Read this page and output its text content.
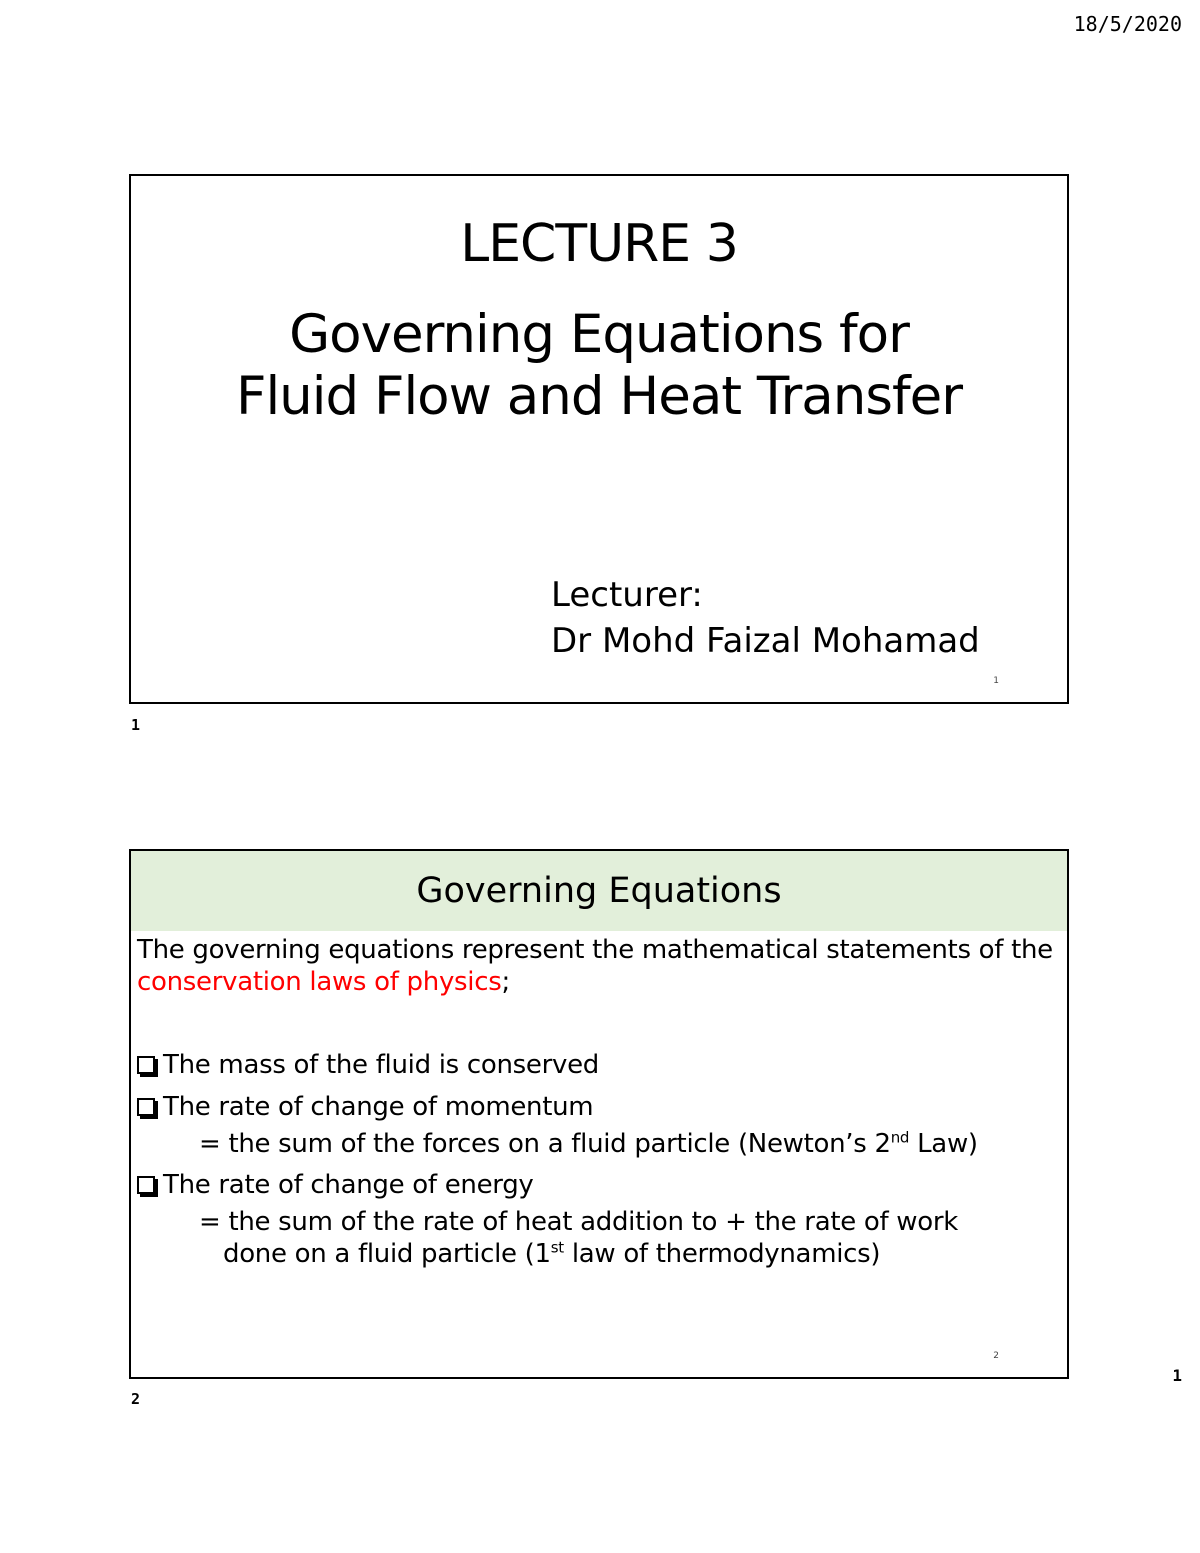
18/5/2020
LECTURE 3
Governing Equations for
Fluid Flow and Heat Transfer
Lecturer:
Dr Mohd Faizal Mohamad
1
1
Governing Equations
The governing equations represent the mathematical statements of the conservation laws of physics;
The mass of the fluid is conserved
The rate of change of momentum
= the sum of the forces on a fluid particle (Newton’s 2nd Law)
The rate of change of energy
= the sum of the rate of heat addition to + the rate of work
done on a fluid particle (1st law of thermodynamics)
2
2
1
